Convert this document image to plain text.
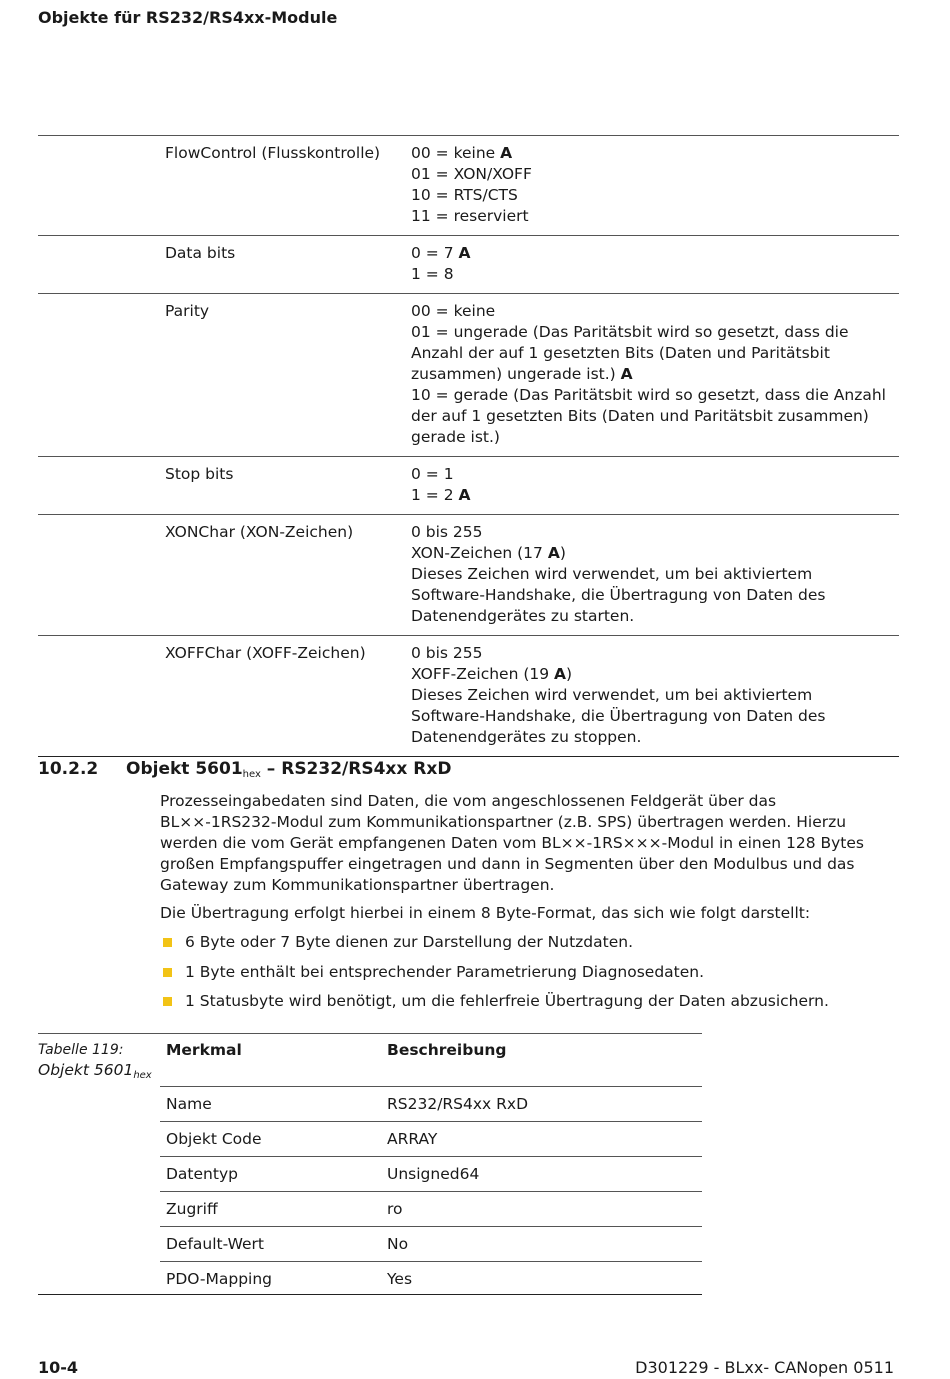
Objekte für RS232/RS4xx-Module
FlowControl (Flusskontrolle)	00 = keine A
01 = XON/XOFF
10 = RTS/CTS
11 = reserviert
Data bits	0 = 7 A
1 = 8
Parity	00 = keine
01 = ungerade (Das Paritätsbit wird so gesetzt, dass die Anzahl der auf 1 gesetzten Bits (Daten und Paritätsbit zusammen) ungerade ist.) A
10 = gerade (Das Paritätsbit wird so gesetzt, dass die Anzahl der auf 1 gesetzten Bits (Daten und Paritätsbit zusammen) gerade ist.)
Stop bits	0 = 1
1 = 2 A
XONChar (XON-Zeichen)	0 bis 255
XON-Zeichen (17 A)
Dieses Zeichen wird verwendet, um bei aktiviertem Software-Handshake, die Übertragung von Daten des Datenendgerätes zu starten.
XOFFChar (XOFF-Zeichen)	0 bis 255
XOFF-Zeichen (19 A)
Dieses Zeichen wird verwendet, um bei aktiviertem Software-Handshake, die Übertragung von Daten des Datenendgerätes zu stoppen.
10.2.2 Objekt $5601_{hex} - RS232/RS4xx$ RxD
Prozesseingabedaten sind Daten, die vom angeschlossenen Feldgerät über das BL××-1RS232-Modul zum Kommunikationspartner (z.B. SPS) übertragen werden. Hierzu werden die vom Gerät empfangenen Daten vom BL××-1RS×××-Modul in einen 128 Bytes großen Empfangspuffer eingetragen und dann in Segmenten über den Modulbus und das Gateway zum Kommunikationspartner übertragen.
Die Übertragung erfolgt hierbei in einem 8 Byte-Format, das sich wie folgt darstellt:
6 Byte oder 7 Byte dienen zur Darstellung der Nutzdaten.
1 Byte enthält bei entsprechender Parametrierung Diagnosedaten.
1 Statusbyte wird benötigt, um die fehlerfreie Übertragung der Daten abzusichern.
Tabelle 119:
Objekt $5601_{hex}$
Merkmal	Beschreibung
Name	RS232/RS4xx RxD
Objekt Code	ARRAY
Datentyp	Unsigned64
Zugriff	ro
Default-Wert	No
PDO-Mapping	Yes
10-4	D301229 - BLxx- CANopen 0511
